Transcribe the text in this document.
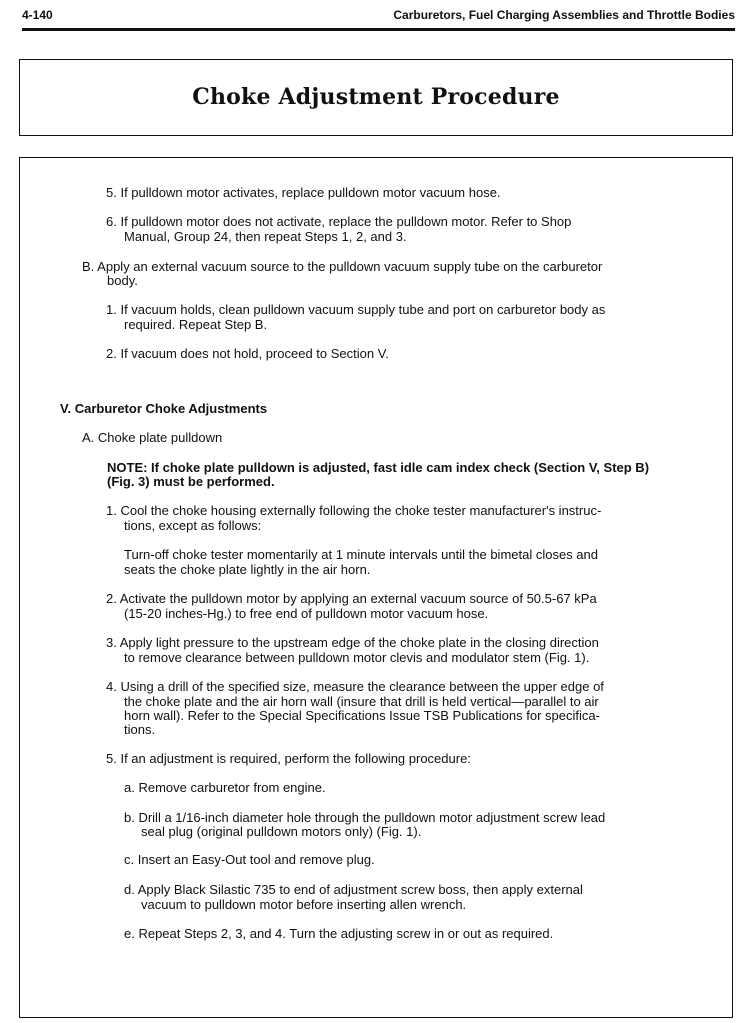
4-140	Carburetors, Fuel Charging Assemblies and Throttle Bodies
Choke Adjustment Procedure
5. If pulldown motor activates, replace pulldown motor vacuum hose.
6. If pulldown motor does not activate, replace the pulldown motor. Refer to Shop
Manual, Group 24, then repeat Steps 1, 2, and 3.
B. Apply an external vacuum source to the pulldown vacuum supply tube on the carburetor
body.
1. If vacuum holds, clean pulldown vacuum supply tube and port on carburetor body as
required. Repeat Step B.
2. If vacuum does not hold, proceed to Section V.
V. Carburetor Choke Adjustments
A. Choke plate pulldown
NOTE: If choke plate pulldown is adjusted, fast idle cam index check (Section V, Step B)
(Fig. 3) must be performed.
1. Cool the choke housing externally following the choke tester manufacturer's instruc-
tions, except as follows:
Turn-off choke tester momentarily at 1 minute intervals until the bimetal closes and
seats the choke plate lightly in the air horn.
2. Activate the pulldown motor by applying an external vacuum source of 50.5-67 kPa
(15-20 inches-Hg.) to free end of pulldown motor vacuum hose.
3. Apply light pressure to the upstream edge of the choke plate in the closing direction
to remove clearance between pulldown motor clevis and modulator stem (Fig. 1).
4. Using a drill of the specified size, measure the clearance between the upper edge of
the choke plate and the air horn wall (insure that drill is held vertical—parallel to air
horn wall). Refer to the Special Specifications Issue TSB Publications for specifica-
tions.
5. If an adjustment is required, perform the following procedure:
a. Remove carburetor from engine.
b. Drill a 1/16-inch diameter hole through the pulldown motor adjustment screw lead
seal plug (original pulldown motors only) (Fig. 1).
c. Insert an Easy-Out tool and remove plug.
d. Apply Black Silastic 735 to end of adjustment screw boss, then apply external
vacuum to pulldown motor before inserting allen wrench.
e. Repeat Steps 2, 3, and 4. Turn the adjusting screw in or out as required.
